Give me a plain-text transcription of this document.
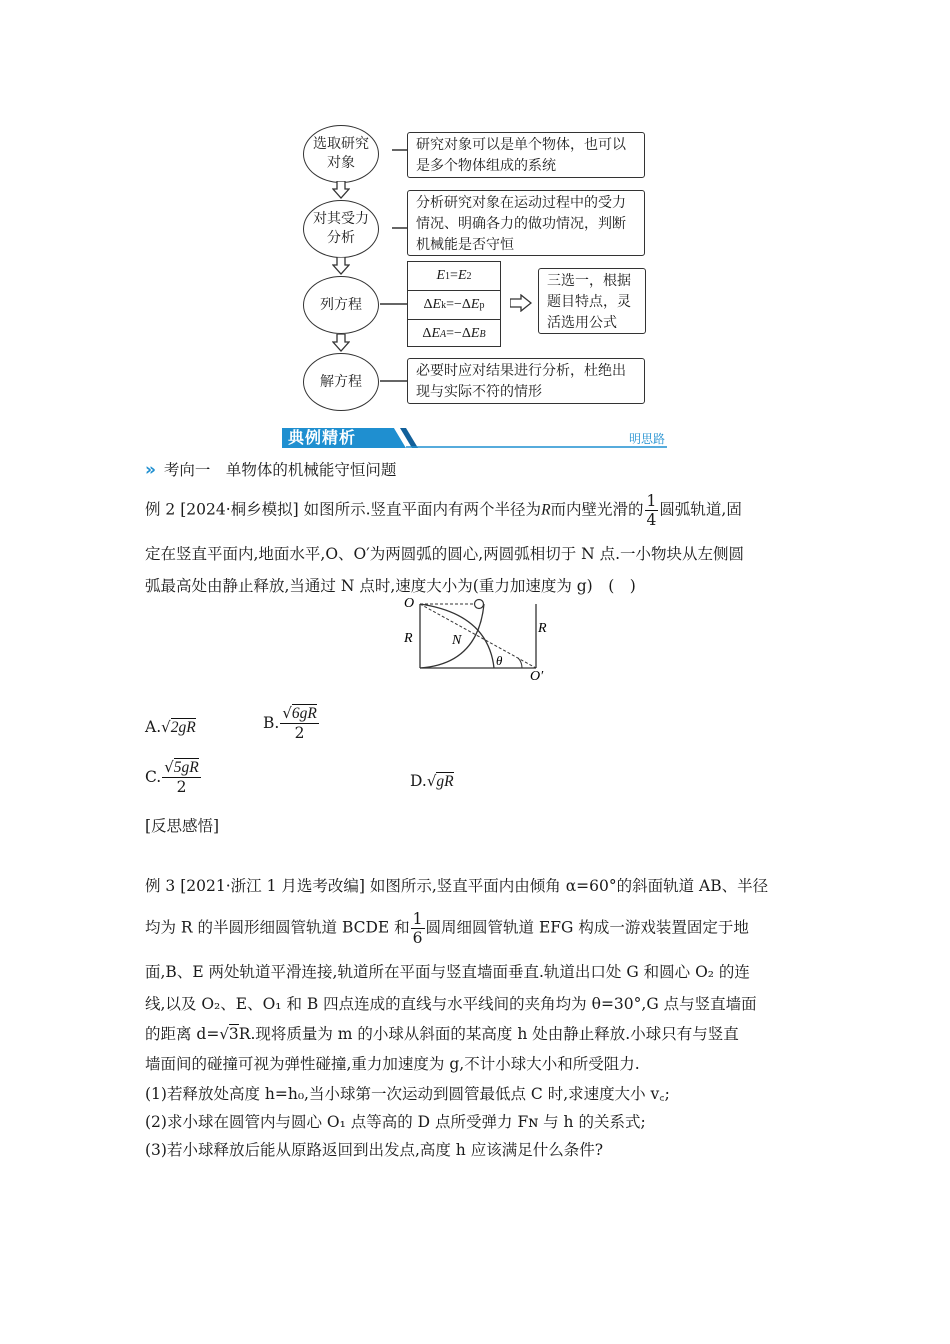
选取研究对象
研究对象可以是单个物体，也可以是多个物体组成的系统
对其受力分析
分析研究对象在运动过程中的受力情况、明确各力的做功情况，判断机械能是否守恒
列方程
E 1 = E 2
Δ E k =−Δ E p
Δ E A =−Δ E B
三选一，根据题目特点，灵活选用公式
解方程
必要时应对结果进行分析，杜绝出现与实际不符的情形
典例精析	明思路
» 考向一　单物体的机械能守恒问题
例 2 [2024·桐乡模拟] 如图所示.竖直平面内有两个半径为R而内壁光滑的 $\frac{1}{4}$ 圆弧轨道,固
定在竖直平面内,地面水平,O、O′为两圆弧的圆心,两圆弧相切于 N 点.一小物块从左侧圆
弧最高处由静止释放,当通过 N 点时,速度大小为(重力加速度为 g)　(　)
O
R
R
N
θ
O′
A.√2gR	B. $\frac{√6gR}{2}$
C. $\frac{√5gR}{2}$	D.√gR
[反思感悟]
例 3 [2021·浙江 1 月选考改编] 如图所示,竖直平面内由倾角 α=60°的斜面轨道 AB、半径
均为 R 的半圆形细圆管轨道 BCDE 和 $\frac{1}{6}$ 圆周细圆管轨道 EFG 构成一游戏装置固定于地
面,B、E 两处轨道平滑连接,轨道所在平面与竖直墙面垂直.轨道出口处 G 和圆心 O₂ 的连
线,以及 O₂、E、O₁ 和 B 四点连成的直线与水平线间的夹角均为 θ=30°,G 点与竖直墙面
的距离 d=√3R.现将质量为 m 的小球从斜面的某高度 h 处由静止释放.小球只有与竖直
墙面间的碰撞可视为弹性碰撞,重力加速度为 g,不计小球大小和所受阻力.
(1)若释放处高度 h=h₀,当小球第一次运动到圆管最低点 C 时,求速度大小 v꜀;
(2)求小球在圆管内与圆心 O₁ 点等高的 D 点所受弹力 Fɴ 与 h 的关系式;
(3)若小球释放后能从原路返回到出发点,高度 h 应该满足什么条件?
